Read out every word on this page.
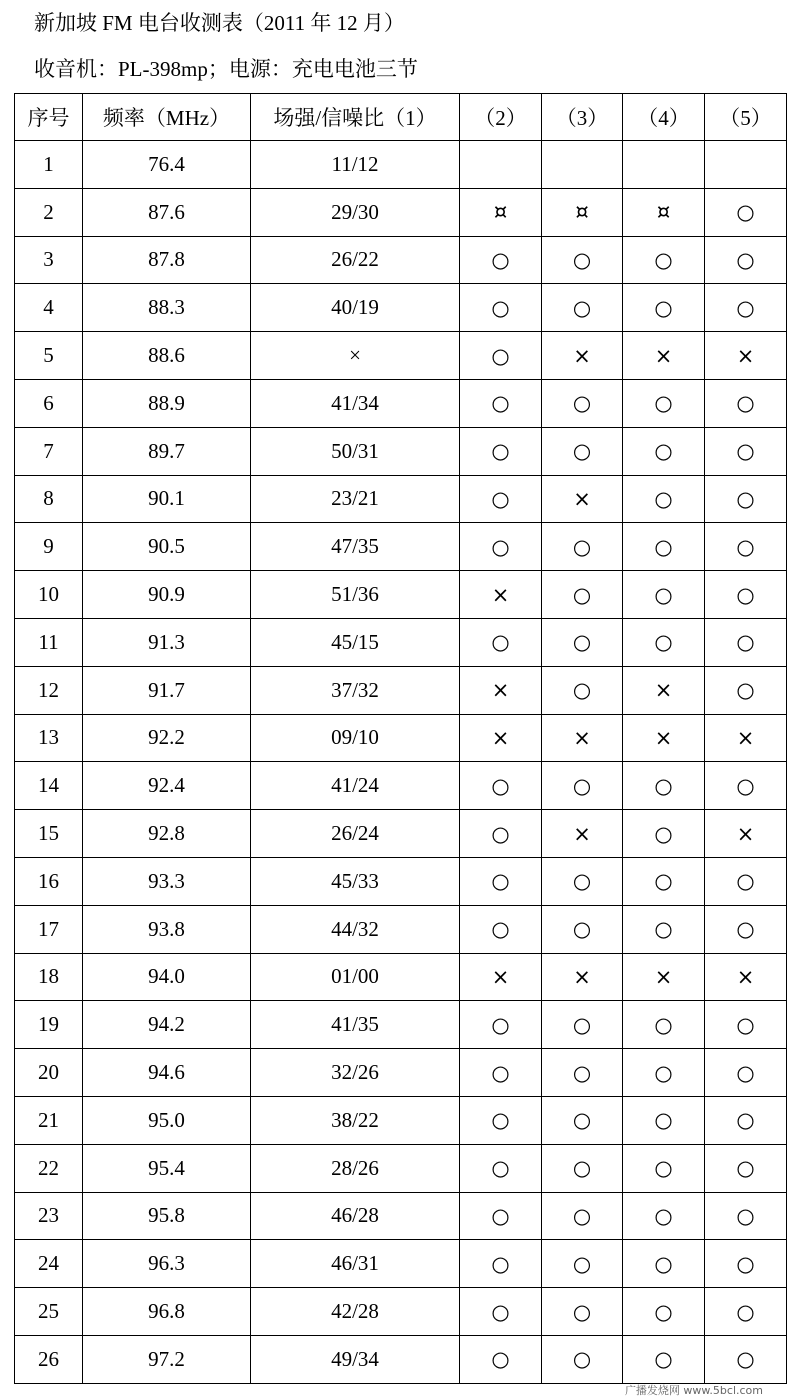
新加坡 FM 电台收测表（2011 年 12 月）
收音机：PL-398mp；电源：充电电池三节
序号	频率（MHz）	场强/信噪比（1）	（2）	（3）	（4）	（5）
1	76.4	11/12				
2	87.6	29/30	¤	¤	¤	○
3	87.8	26/22	○	○	○	○
4	88.3	40/19	○	○	○	○
5	88.6	×	○	×	×	×
6	88.9	41/34	○	○	○	○
7	89.7	50/31	○	○	○	○
8	90.1	23/21	○	×	○	○
9	90.5	47/35	○	○	○	○
10	90.9	51/36	×	○	○	○
11	91.3	45/15	○	○	○	○
12	91.7	37/32	×	○	×	○
13	92.2	09/10	×	×	×	×
14	92.4	41/24	○	○	○	○
15	92.8	26/24	○	×	○	×
16	93.3	45/33	○	○	○	○
17	93.8	44/32	○	○	○	○
18	94.0	01/00	×	×	×	×
19	94.2	41/35	○	○	○	○
20	94.6	32/26	○	○	○	○
21	95.0	38/22	○	○	○	○
22	95.4	28/26	○	○	○	○
23	95.8	46/28	○	○	○	○
24	96.3	46/31	○	○	○	○
25	96.8	42/28	○	○	○	○
26	97.2	49/34	○	○	○	○
广播发烧网 www.5bcl.com
